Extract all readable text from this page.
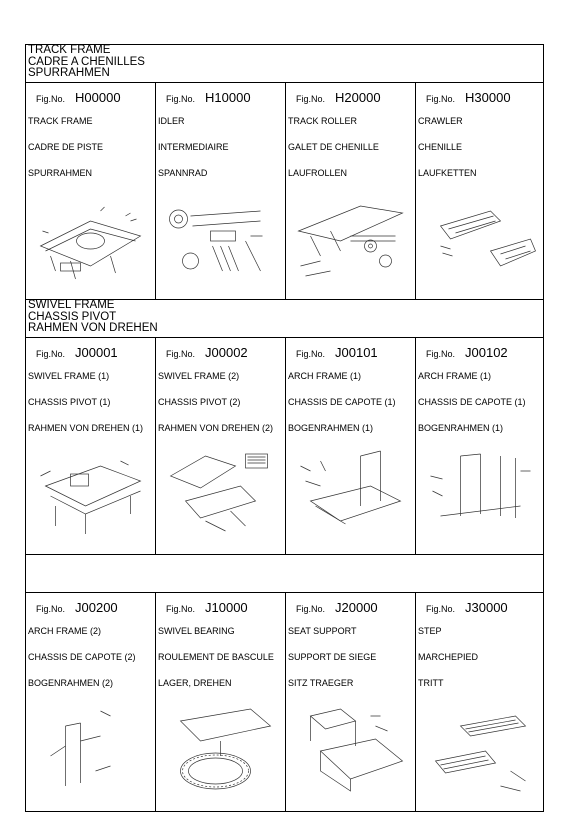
TRACK FRAME
CADRE A CHENILLES
SPURRAHMEN
Fig.No. H00000
TRACK FRAME
CADRE DE PISTE
SPURRAHMEN
Fig.No. H10000
IDLER
INTERMEDIAIRE
SPANNRAD
Fig.No. H20000
TRACK ROLLER
GALET DE CHENILLE
LAUFROLLEN
Fig.No. H30000
CRAWLER
CHENILLE
LAUFKETTEN
SWIVEL FRAME
CHASSIS PIVOT
RAHMEN VON DREHEN
Fig.No. J00001
SWIVEL FRAME (1)
CHASSIS PIVOT (1)
RAHMEN VON DREHEN (1)
Fig.No. J00002
SWIVEL FRAME (2)
CHASSIS PIVOT (2)
RAHMEN VON DREHEN (2)
Fig.No. J00101
ARCH FRAME (1)
CHASSIS DE CAPOTE (1)
BOGENRAHMEN (1)
Fig.No. J00102
ARCH FRAME (1)
CHASSIS DE CAPOTE (1)
BOGENRAHMEN (1)
Fig.No. J00200
ARCH FRAME (2)
CHASSIS DE CAPOTE (2)
BOGENRAHMEN (2)
Fig.No. J10000
SWIVEL BEARING
ROULEMENT DE BASCULE
LAGER, DREHEN
Fig.No. J20000
SEAT SUPPORT
SUPPORT DE SIEGE
SITZ TRAEGER
Fig.No. J30000
STEP
MARCHEPIED
TRITT
